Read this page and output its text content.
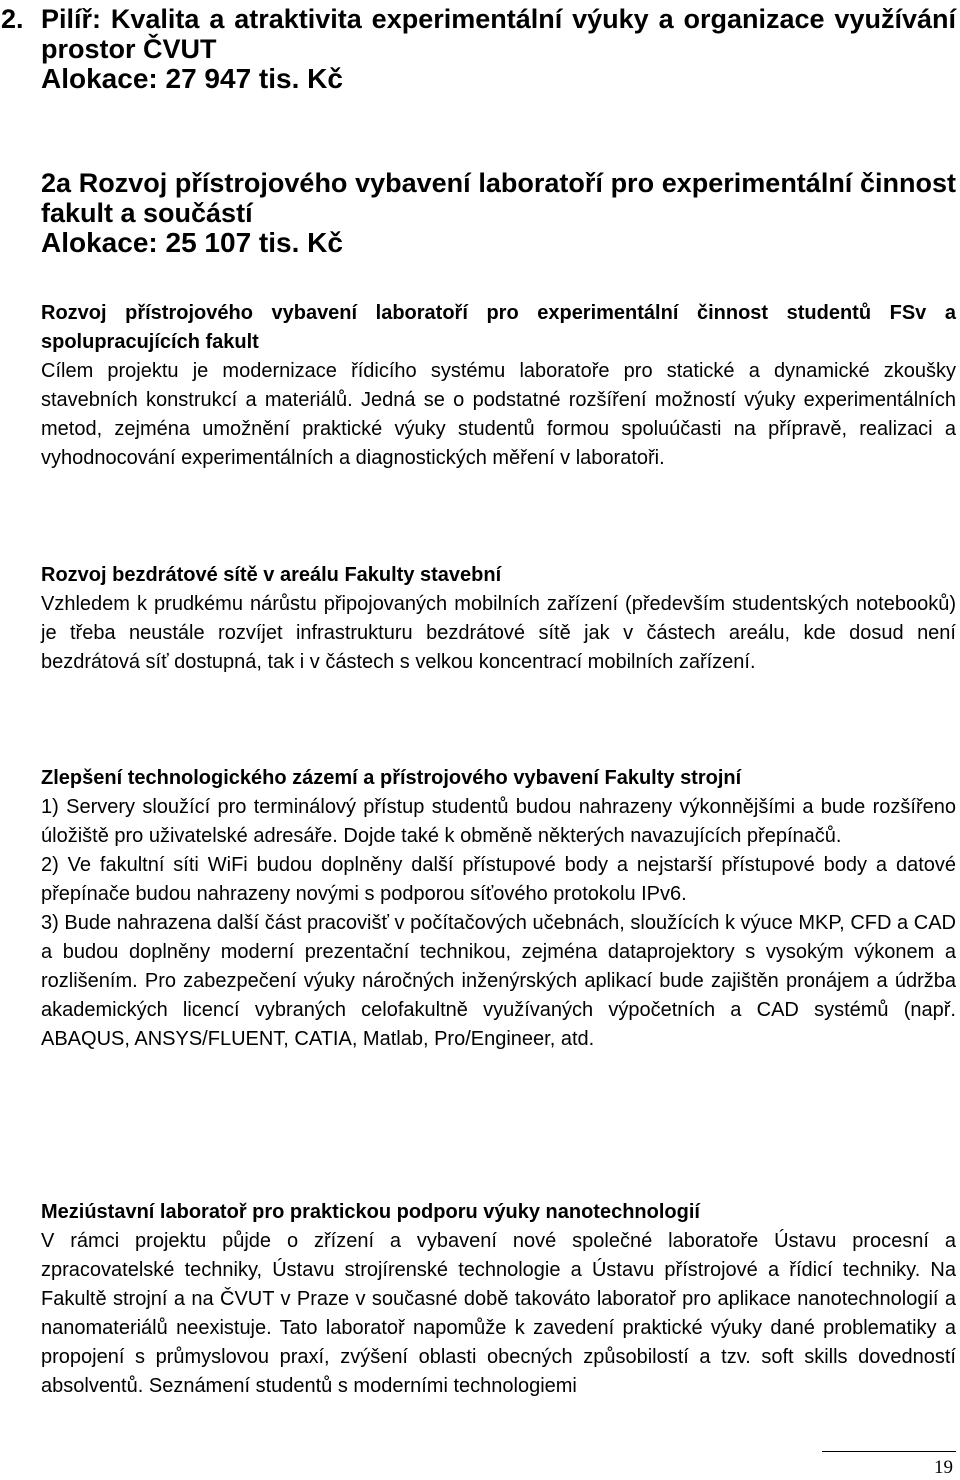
2. Pilíř: Kvalita a atraktivita experimentální výuky a organizace využívání prostor ČVUT
Alokace: 27 947 tis. Kč
2a Rozvoj přístrojového vybavení laboratoří pro experimentální činnost fakult a součástí
Alokace: 25 107 tis. Kč
Rozvoj přístrojového vybavení laboratoří pro experimentální činnost studentů FSv a spolupracujících fakult

Cílem projektu je modernizace řídicího systému laboratoře pro statické a dynamické zkoušky stavebních konstrukcí a materiálů. Jedná se o podstatné rozšíření možností výuky experimentálních metod, zejména umožnění praktické výuky studentů formou spoluúčasti na přípravě, realizaci a vyhodnocování experimentálních a diagnostických měření v laboratoři.

Rozvoj bezdrátové sítě v areálu Fakulty stavební

Vzhledem k prudkému nárůstu připojovaných mobilních zařízení (především studentských notebooků) je třeba neustále rozvíjet infrastrukturu bezdrátové sítě jak v částech areálu, kde dosud není bezdrátová síť dostupná, tak i v částech s velkou koncentrací mobilních zařízení.

Zlepšení technologického zázemí a přístrojového vybavení Fakulty strojní

1) Servery sloužící pro terminálový přístup studentů budou nahrazeny výkonnějšími a bude rozšířeno úložiště pro uživatelské adresáře. Dojde také k obměně některých navazujících přepínačů.

2) Ve fakultní síti WiFi budou doplněny další přístupové body a nejstarší přístupové body a datové přepínače budou nahrazeny novými s podporou síťového protokolu IPv6.

3) Bude nahrazena další část pracovišť v počítačových učebnách, sloužících k výuce MKP, CFD a CAD a budou doplněny moderní prezentační technikou, zejména dataprojektory s vysokým výkonem a rozlišením. Pro zabezpečení výuky náročných inženýrských aplikací bude zajištěn pronájem a údržba akademických licencí vybraných celofakultně využívaných výpočetních a CAD systémů (např. ABAQUS, ANSYS/FLUENT, CATIA, Matlab, Pro/Engineer, atd.

Meziústavní laboratoř pro praktickou podporu výuky nanotechnologií

V rámci projektu půjde o zřízení a vybavení nové společné laboratoře Ústavu procesní a zpracovatelské techniky, Ústavu strojírenské technologie a Ústavu přístrojové a řídicí techniky. Na Fakultě strojní a na ČVUT v Praze v současné době takováto laboratoř pro aplikace nanotechnologií a nanomateriálů neexistuje. Tato laboratoř napomůže k zavedení praktické výuky dané problematiky a propojení s průmyslovou praxí, zvýšení oblasti obecných způsobilostí a tzv. soft skills dovedností absolventů. Seznámení studentů s moderními technologiemi

19
